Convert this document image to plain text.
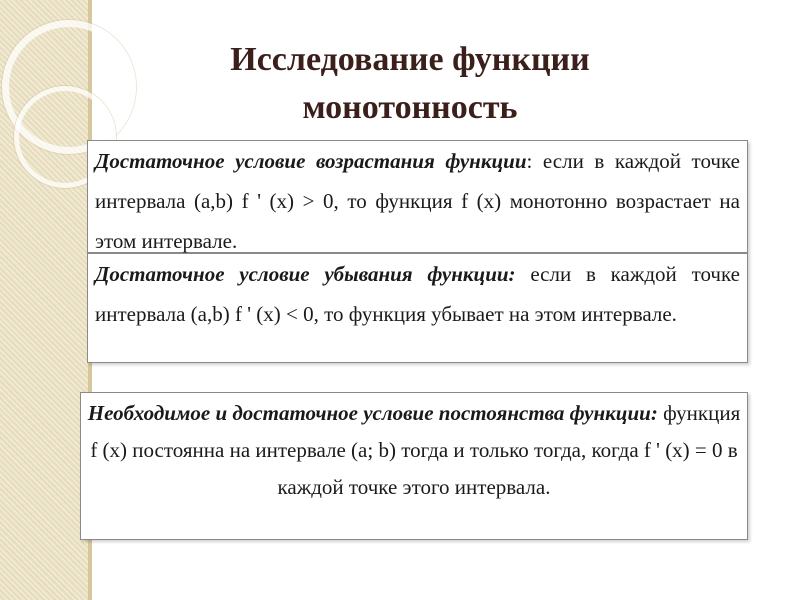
Исследование функции
монотонность

Достаточное условие возрастания функции: если в каждой точке интервала (a,b) f ' (x) > 0, то функция f (x) монотонно возрастает на этом интервале.

Достаточное условие убывания функции: если в каждой точке интервала (a,b) f ' (x) < 0, то функция убывает на этом интервале.

Необходимое и достаточное условие постоянства функции: функция f (x) постоянна на интервале (a; b) тогда и только тогда, когда f ' (x) = 0 в каждой точке этого интервала.
